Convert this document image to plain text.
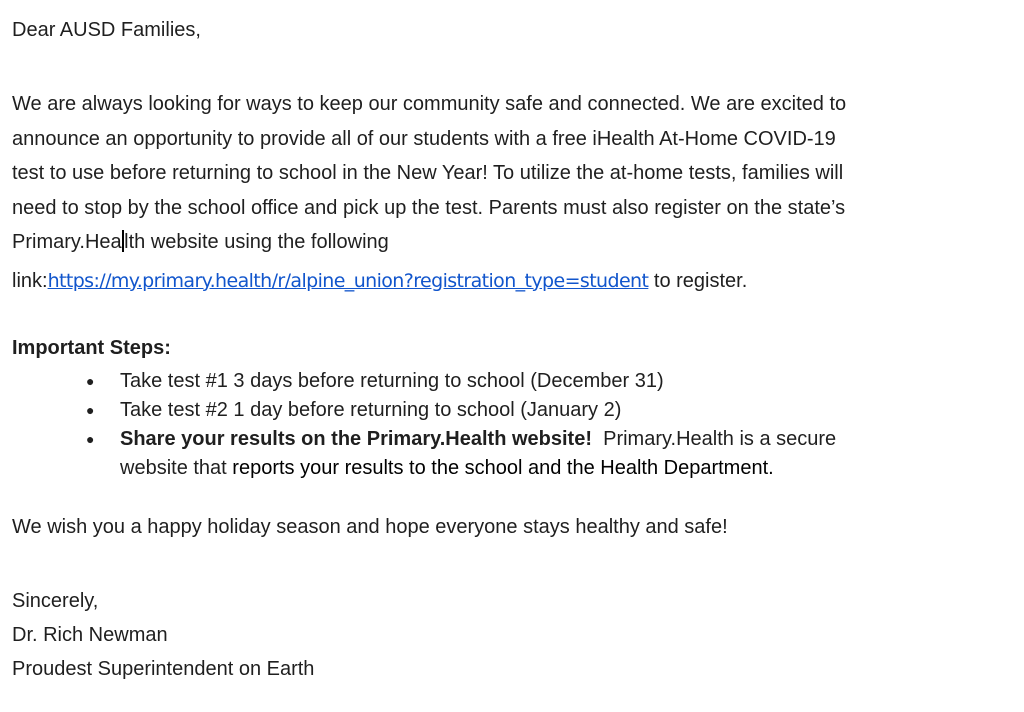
Dear AUSD Families,

We are always looking for ways to keep our community safe and connected. We are excited to

announce an opportunity to provide all of our students with a free iHealth At-Home COVID-19

test to use before returning to school in the New Year! To utilize the at-home tests, families will

need to stop by the school office and pick up the test. Parents must also register on the state’s

Primary.Hea lth website using the following

link:https://my.primary.health/r/alpine_union?registration_type=student to register.

Important Steps:
● Take test #1 3 days before returning to school (December 31)
● Take test #2 1 day before returning to school (January 2)
● Share your results on the Primary.Health website!  Primary.Health is a secure
website that reports your results to the school and the Health Department.
We wish you a happy holiday season and hope everyone stays healthy and safe!
Sincerely,
Dr. Rich Newman
Proudest Superintendent on Earth
